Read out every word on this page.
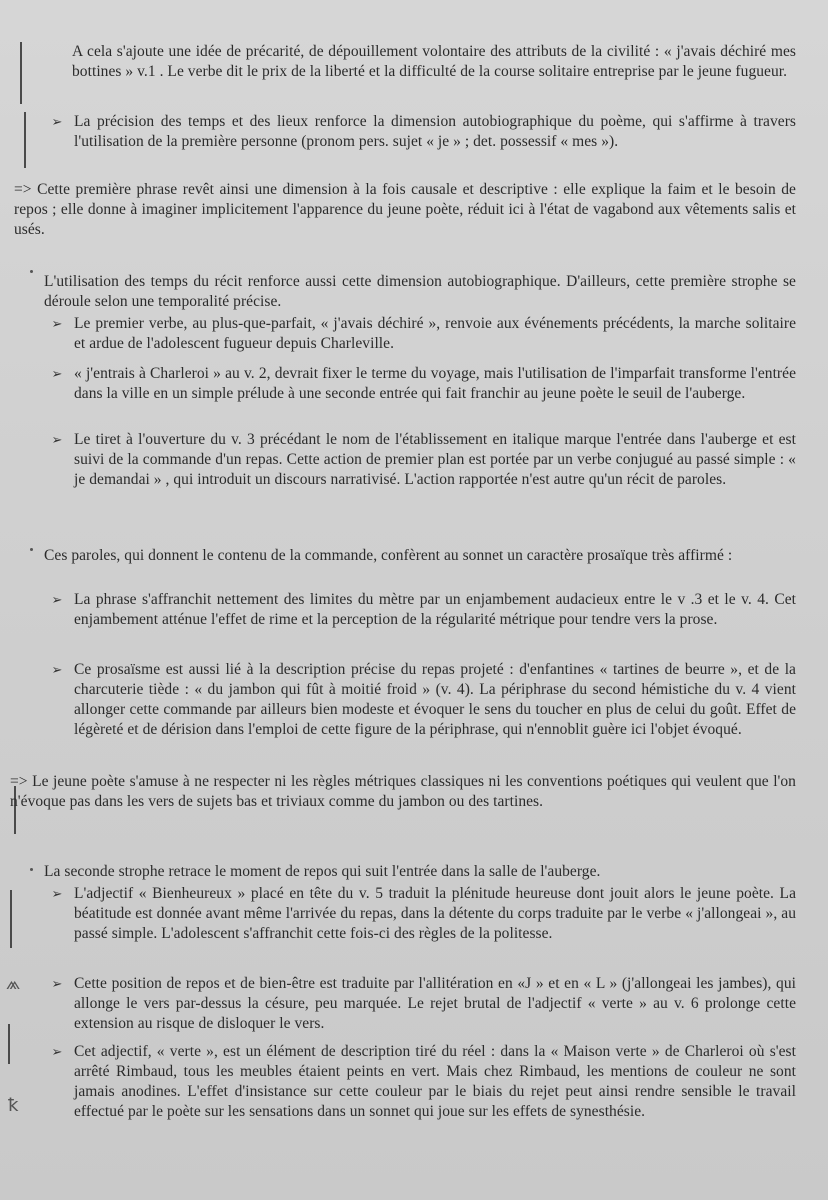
⩕
ꝁ
A cela s'ajoute une idée de précarité, de dépouillement volontaire des attributs de la civilité : « j'avais déchiré mes bottines » v.1 . Le verbe dit le prix de la liberté et la difficulté de la course solitaire entreprise par le jeune fugueur.
➢ La précision des temps et des lieux renforce la dimension autobiographique du poème, qui s'affirme à travers l'utilisation de la première personne (pronom pers. sujet « je » ; det. possessif « mes »).
=> Cette première phrase revêt ainsi une dimension à la fois causale et descriptive : elle explique la faim et le besoin de repos ; elle donne à imaginer implicitement l'apparence du jeune poète, réduit ici à l'état de vagabond aux vêtements salis et usés.
L'utilisation des temps du récit renforce aussi cette dimension autobiographique. D'ailleurs, cette première strophe se déroule selon une temporalité précise.
➢ Le premier verbe, au plus-que-parfait, « j'avais déchiré », renvoie aux événements précédents, la marche solitaire et ardue de l'adolescent fugueur depuis Charleville.
➢ « j'entrais à Charleroi » au v. 2, devrait fixer le terme du voyage, mais l'utilisation de l'imparfait transforme l'entrée dans la ville en un simple prélude à une seconde entrée qui fait franchir au jeune poète le seuil de l'auberge.
➢ Le tiret à l'ouverture du v. 3 précédant le nom de l'établissement en italique marque l'entrée dans l'auberge et est suivi de la commande d'un repas. Cette action de premier plan est portée par un verbe conjugué au passé simple : « je demandai » , qui introduit un discours narrativisé. L'action rapportée n'est autre qu'un récit de paroles.
Ces paroles, qui donnent le contenu de la commande, confèrent au sonnet un caractère prosaïque très affirmé :
➢ La phrase s'affranchit nettement des limites du mètre par un enjambement audacieux entre le v .3 et le v. 4. Cet enjambement atténue l'effet de rime et la perception de la régularité métrique pour tendre vers la prose.
➢ Ce prosaïsme est aussi lié à la description précise du repas projeté : d'enfantines « tartines de beurre », et de la charcuterie tiède : « du jambon qui fût à moitié froid » (v. 4). La périphrase du second hémistiche du v. 4 vient allonger cette commande par ailleurs bien modeste et évoquer le sens du toucher en plus de celui du goût. Effet de légèreté et de dérision dans l'emploi de cette figure de la périphrase, qui n'ennoblit guère ici l'objet évoqué.
=> Le jeune poète s'amuse à ne respecter ni les règles métriques classiques ni les conventions poétiques qui veulent que l'on n'évoque pas dans les vers de sujets bas et triviaux comme du jambon ou des tartines.
La seconde strophe retrace le moment de repos qui suit l'entrée dans la salle de l'auberge.
➢ L'adjectif « Bienheureux » placé en tête du v. 5 traduit la plénitude heureuse dont jouit alors le jeune poète. La béatitude est donnée avant même l'arrivée du repas, dans la détente du corps traduite par le verbe « j'allongeai », au passé simple. L'adolescent s'affranchit cette fois-ci des règles de la politesse.
➢ Cette position de repos et de bien-être est traduite par l'allitération en «J » et en « L » (j'allongeai les jambes), qui allonge le vers par-dessus la césure, peu marquée. Le rejet brutal de l'adjectif « verte » au v. 6 prolonge cette extension au risque de disloquer le vers.
➢ Cet adjectif, « verte », est un élément de description tiré du réel : dans la « Maison verte » de Charleroi où s'est arrêté Rimbaud, tous les meubles étaient peints en vert. Mais chez Rimbaud, les mentions de couleur ne sont jamais anodines. L'effet d'insistance sur cette couleur par le biais du rejet peut ainsi rendre sensible le travail effectué par le poète sur les sensations dans un sonnet qui joue sur les effets de synesthésie.
